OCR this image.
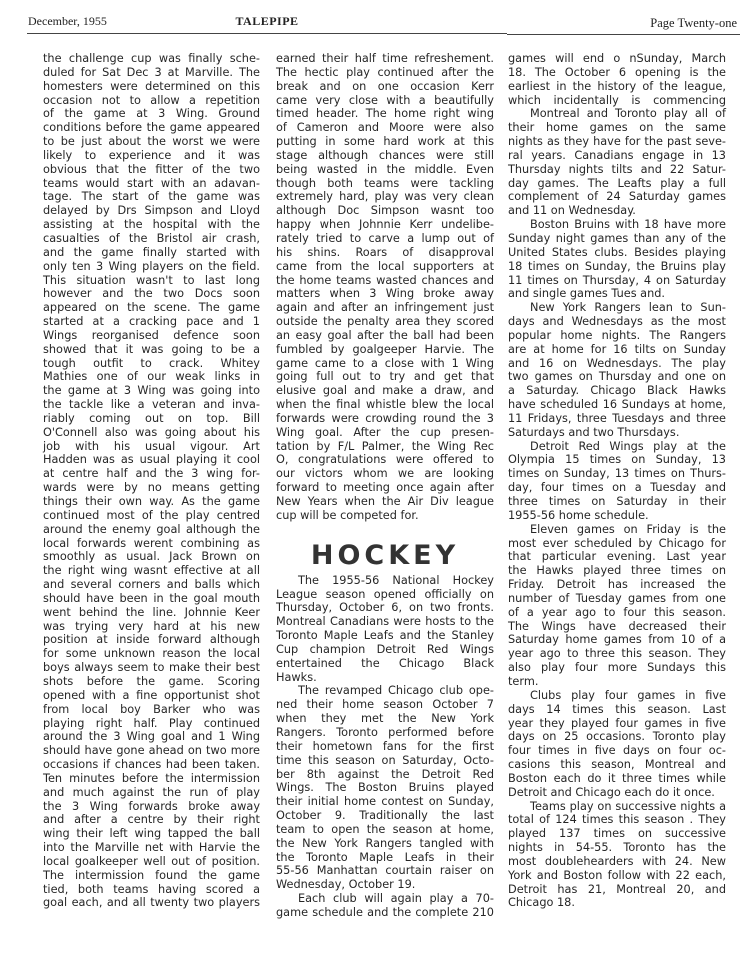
December, 1955	TALEPIPE	Page Twenty-one
the challenge cup was finally sche-
duled for Sat Dec 3 at Marville. The
homesters were determined on this
occasion not to allow a repetition
of the game at 3 Wing. Ground
conditions before the game appeared
to be just about the worst we were
likely to experience and it was
obvious that the fitter of the two
teams would start with an adavan-
tage. The start of the game was
delayed by Drs Simpson and Lloyd
assisting at the hospital with the
casualties of the Bristol air crash,
and the game finally started with
only ten 3 Wing players on the field.
This situation wasn't to last long
however and the two Docs soon
appeared on the scene. The game
started at a cracking pace and 1
Wings reorganised defence soon
showed that it was going to be a
tough outfit to crack. Whitey
Mathies one of our weak links in
the game at 3 Wing was going into
the tackle like a veteran and inva-
riably coming out on top. Bill
O'Connell also was going about his
job with his usual vigour. Art
Hadden was as usual playing it cool
at centre half and the 3 wing for-
wards were by no means getting
things their own way. As the game
continued most of the play centred
around the enemy goal although the
local forwards werent combining as
smoothly as usual. Jack Brown on
the right wing wasnt effective at all
and several corners and balls which
should have been in the goal mouth
went behind the line. Johnnie Keer
was trying very hard at his new
position at inside forward although
for some unknown reason the local
boys always seem to make their best
shots before the game. Scoring
opened with a fine opportunist shot
from local boy Barker who was
playing right half. Play continued
around the 3 Wing goal and 1 Wing
should have gone ahead on two more
occasions if chances had been taken.
Ten minutes before the intermission
and much against the run of play
the 3 Wing forwards broke away
and after a centre by their right
wing their left wing tapped the ball
into the Marville net with Harvie the
local goalkeeper well out of position.
The intermission found the game
tied, both teams having scored a
goal each, and all twenty two players
earned their half time refreshement.
The hectic play continued after the
break and on one occasion Kerr
came very close with a beautifully
timed header. The home right wing
of Cameron and Moore were also
putting in some hard work at this
stage although chances were still
being wasted in the middle. Even
though both teams were tackling
extremely hard, play was very clean
although Doc Simpson wasnt too
happy when Johnnie Kerr undelibe-
rately tried to carve a lump out of
his shins. Roars of disapproval
came from the local supporters at
the home teams wasted chances and
matters when 3 Wing broke away
again and after an infringement just
outside the penalty area they scored
an easy goal after the ball had been
fumbled by goalgeeper Harvie. The
game came to a close with 1 Wing
going full out to try and get that
elusive goal and make a draw, and
when the final whistle blew the local
forwards were crowding round the 3
Wing goal. After the cup presen-
tation by F/L Palmer, the Wing Rec
O, congratulations were offered to
our victors whom we are looking
forward to meeting once again after
New Years when the Air Div league
cup will be competed for.
HOCKEY
The 1955-56 National Hockey
League season opened officially on
Thursday, October 6, on two fronts.
Montreal Canadians were hosts to the
Toronto Maple Leafs and the Stanley
Cup champion Detroit Red Wings
entertained the Chicago Black
Hawks.
The revamped Chicago club ope-
ned their home season October 7
when they met the New York
Rangers. Toronto performed before
their hometown fans for the first
time this season on Saturday, Octo-
ber 8th against the Detroit Red
Wings. The Boston Bruins played
their initial home contest on Sunday,
October 9. Traditionally the last
team to open the season at home,
the New York Rangers tangled with
the Toronto Maple Leafs in their
55-56 Manhattan courtain raiser on
Wednesday, October 19.
Each club will again play a 70-
game schedule and the complete 210
games will end o nSunday, March
18. The October 6 opening is the
earliest in the history of the league,
which incidentally is commencing
Montreal and Toronto play all of
their home games on the same
nights as they have for the past seve-
ral years. Canadians engage in 13
Thursday nights tilts and 22 Satur-
day games. The Leafts play a full
complement of 24 Saturday games
and 11 on Wednesday.
Boston Bruins with 18 have more
Sunday night games than any of the
United States clubs. Besides playing
18 times on Sunday, the Bruins play
11 times on Thursday, 4 on Saturday
and single games Tues and.
New York Rangers lean to Sun-
days and Wednesdays as the most
popular home nights. The Rangers
are at home for 16 tilts on Sunday
and 16 on Wednesdays. The play
two games on Thursday and one on
a Saturday. Chicago Black Hawks
have scheduled 16 Sundays at home,
11 Fridays, three Tuesdays and three
Saturdays and two Thursdays.
Detroit Red Wings play at the
Olympia 15 times on Sunday, 13
times on Sunday, 13 times on Thurs-
day, four times on a Tuesday and
three times on Saturday in their
1955-56 home schedule.
Eleven games on Friday is the
most ever scheduled by Chicago for
that particular evening. Last year
the Hawks played three times on
Friday. Detroit has increased the
number of Tuesday games from one
of a year ago to four this season.
The Wings have decreased their
Saturday home games from 10 of a
year ago to three this season. They
also play four more Sundays this
term.
Clubs play four games in five
days 14 times this season. Last
year they played four games in five
days on 25 occasions. Toronto play
four times in five days on four oc-
casions this season, Montreal and
Boston each do it three times while
Detroit and Chicago each do it once.
Teams play on successive nights a
total of 124 times this season . They
played 137 times on successive
nights in 54-55. Toronto has the
most doublehearders with 24. New
York and Boston follow with 22 each,
Detroit has 21, Montreal 20, and
Chicago 18.
